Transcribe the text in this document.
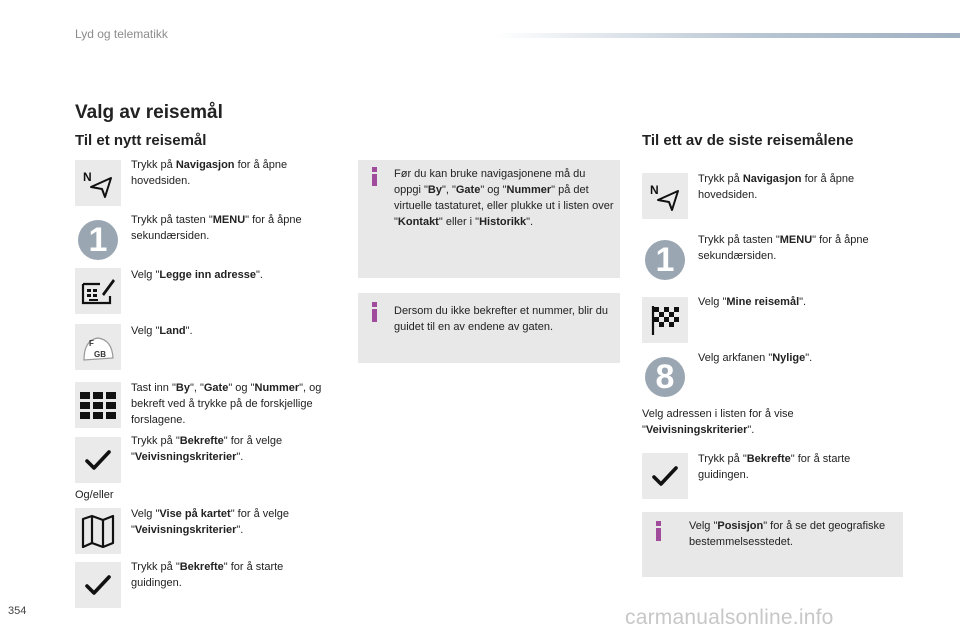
Lyd og telematikk
Valg av reisemål
Til et nytt reisemål	Til ett av de siste reisemålene
N
Trykk på Navigasjon for å åpne hovedsiden.
1
Trykk på tasten "MENU" for å åpne sekundærsiden.
Velg "Legge inn adresse".
F
GB
Velg "Land".
Tast inn "By", "Gate" og "Nummer", og bekreft ved å trykke på de forskjellige forslagene.
Trykk på "Bekrefte" for å velge "Veivisningskriterier".
Og/eller
Velg "Vise på kartet" for å velge "Veivisningskriterier".
Trykk på "Bekrefte" for å starte guidingen.
Før du kan bruke navigasjonene må du oppgi "By", "Gate" og "Nummer" på det virtuelle tastaturet, eller plukke ut i listen over "Kontakt" eller i "Historikk".
Dersom du ikke bekrefter et nummer, blir du guidet til en av endene av gaten.
N
Trykk på Navigasjon for å åpne hovedsiden.
1
Trykk på tasten "MENU" for å åpne sekundærsiden.
Velg "Mine reisemål".
8	Velg arkfanen "Nylige".
Velg adressen i listen for å vise "Veivisningskriterier".
Trykk på "Bekrefte" for å starte guidingen.
Velg "Posisjon" for å se det geografiske bestemmelsesstedet.
354	carmanualsonline.info
